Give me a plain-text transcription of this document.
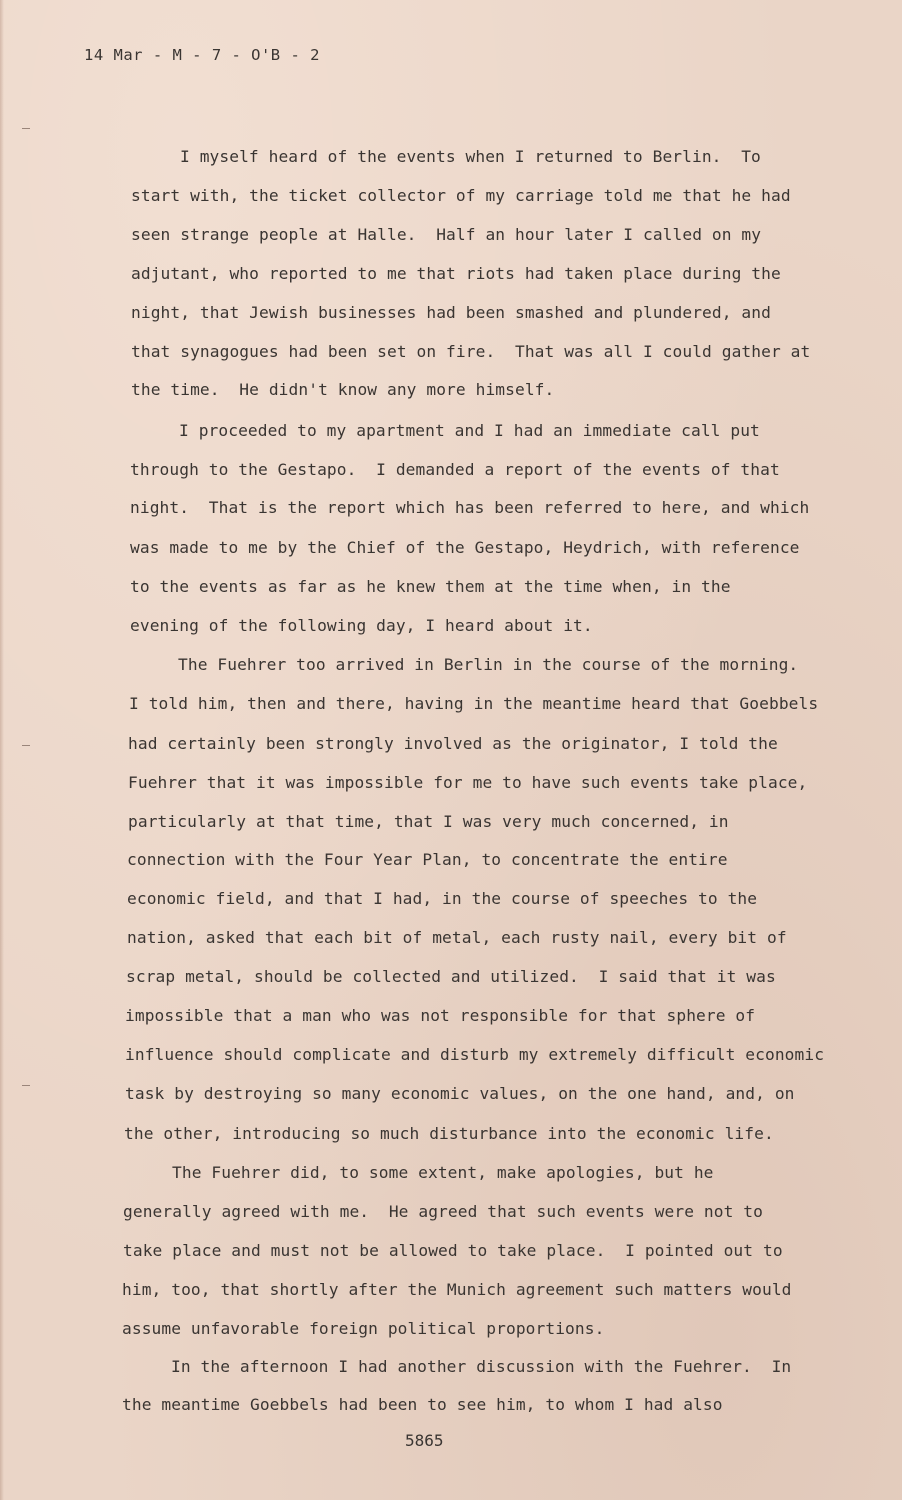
14 Mar - M - 7 - O'B - 2
I myself heard of the events when I returned to Berlin.  To
start with, the ticket collector of my carriage told me that he had
seen strange people at Halle.  Half an hour later I called on my
adjutant, who reported to me that riots had taken place during the
night, that Jewish businesses had been smashed and plundered, and
that synagogues had been set on fire.  That was all I could gather at
the time.  He didn't know any more himself.
I proceeded to my apartment and I had an immediate call put
through to the Gestapo.  I demanded a report of the events of that
night.  That is the report which has been referred to here, and which
was made to me by the Chief of the Gestapo, Heydrich, with reference
to the events as far as he knew them at the time when, in the
evening of the following day, I heard about it.
The Fuehrer too arrived in Berlin in the course of the morning.
I told him, then and there, having in the meantime heard that Goebbels
had certainly been strongly involved as the originator, I told the
Fuehrer that it was impossible for me to have such events take place,
particularly at that time, that I was very much concerned, in
connection with the Four Year Plan, to concentrate the entire
economic field, and that I had, in the course of speeches to the
nation, asked that each bit of metal, each rusty nail, every bit of
scrap metal, should be collected and utilized.  I said that it was
impossible that a man who was not responsible for that sphere of
influence should complicate and disturb my extremely difficult economic
task by destroying so many economic values, on the one hand, and, on
the other, introducing so much disturbance into the economic life.
The Fuehrer did, to some extent, make apologies, but he
generally agreed with me.  He agreed that such events were not to
take place and must not be allowed to take place.  I pointed out to
him, too, that shortly after the Munich agreement such matters would
assume unfavorable foreign political proportions.
In the afternoon I had another discussion with the Fuehrer.  In
the meantime Goebbels had been to see him, to whom I had also
5865
